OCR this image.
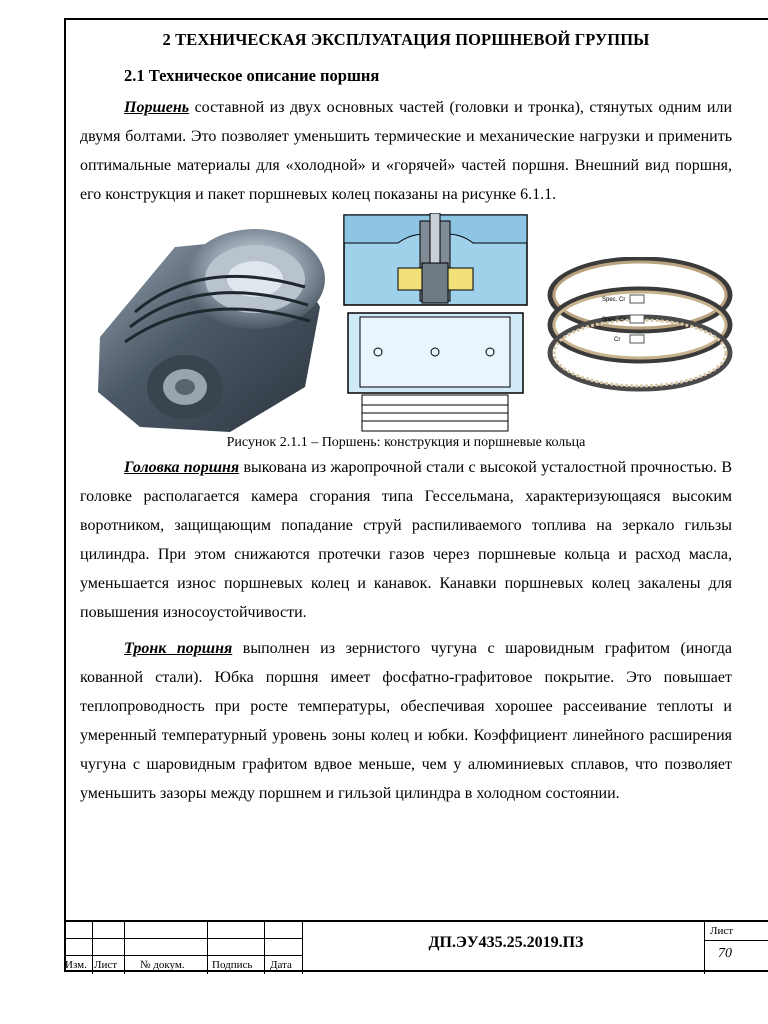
2 ТЕХНИЧЕСКАЯ ЭКСПЛУАТАЦИЯ ПОРШНЕВОЙ ГРУППЫ
2.1 Техническое описание поршня

Поршень составной из двух основных частей (головки и тронка), стянутых одним или двумя болтами. Это позволяет уменьшить термические и механические нагрузки и применить оптимальные материалы для «холодной» и «горячей» частей поршня. Внешний вид поршня, его конструкция и пакет поршневых колец показаны на рисунке 6.1.1.

Spec. Cr
Spec. Cr
Cr
Рисунок 2.1.1 – Поршень: конструкция и поршневые кольца

Головка поршня выкована из жаропрочной стали с высокой усталостной прочностью. В головке располагается камера сгорания типа Гессельмана, характеризующаяся высоким воротником, защищающим попадание струй распиливаемого топлива на зеркало гильзы цилиндра. При этом снижаются протечки газов через поршневые кольца и расход масла, уменьшается износ поршневых колец и канавок. Канавки поршневых колец закалены для повышения износоустойчивости.

Тронк поршня выполнен из зернистого чугуна с шаровидным графитом (иногда кованной стали). Юбка поршня имеет фосфатно-графитовое покрытие. Это повышает теплопроводность при росте температуры, обеспечивая хорошее рассеивание теплоты и умеренный температурный уровень зоны колец и юбки. Коэффициент линейного расширения чугуна с шаровидным графитом вдвое меньше, чем у алюминиевых сплавов, что позволяет уменьшить зазоры между поршнем и гильзой цилиндра в холодном состоянии.

Изм. Лист № докум. Подпись Дата
ДП.ЭУ435.25.2019.ПЗ
Лист
70
